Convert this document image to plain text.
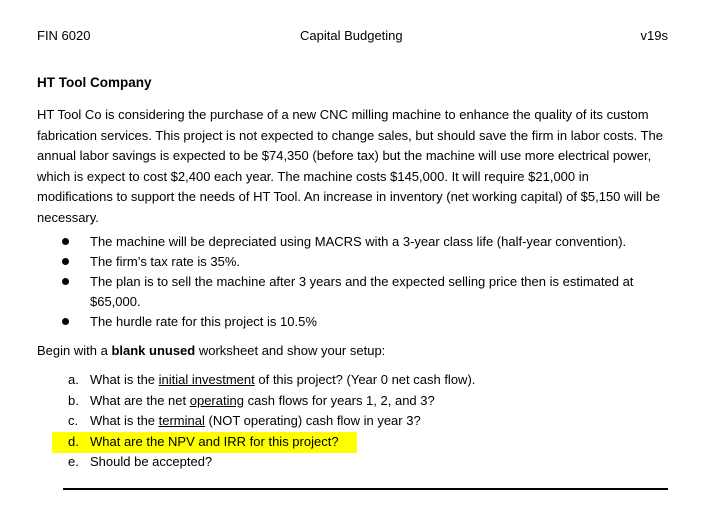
FIN 6020	Capital Budgeting	v19s
HT Tool Company
HT Tool Co is considering the purchase of a new CNC milling machine to enhance the quality of its custom fabrication services. This project is not expected to change sales, but should save the firm in labor costs. The annual labor savings is expected to be $74,350 (before tax) but the machine will use more electrical power, which is expect to cost $2,400 each year. The machine costs $145,000. It will require $21,000 in modifications to support the needs of HT Tool. An increase in inventory (net working capital) of $5,150 will be necessary.
The machine will be depreciated using MACRS with a 3-year class life (half-year convention).
The firm’s tax rate is 35%.
The plan is to sell the machine after 3 years and the expected selling price then is estimated at $65,000.
The hurdle rate for this project is 10.5%
Begin with a blank unused worksheet and show your setup:
a. What is the initial investment of this project? (Year 0 net cash flow).
b. What are the net operating cash flows for years 1, 2, and 3?
c. What is the terminal (NOT operating) cash flow in year 3?
d. What are the NPV and IRR for this project?
e. Should be accepted?
